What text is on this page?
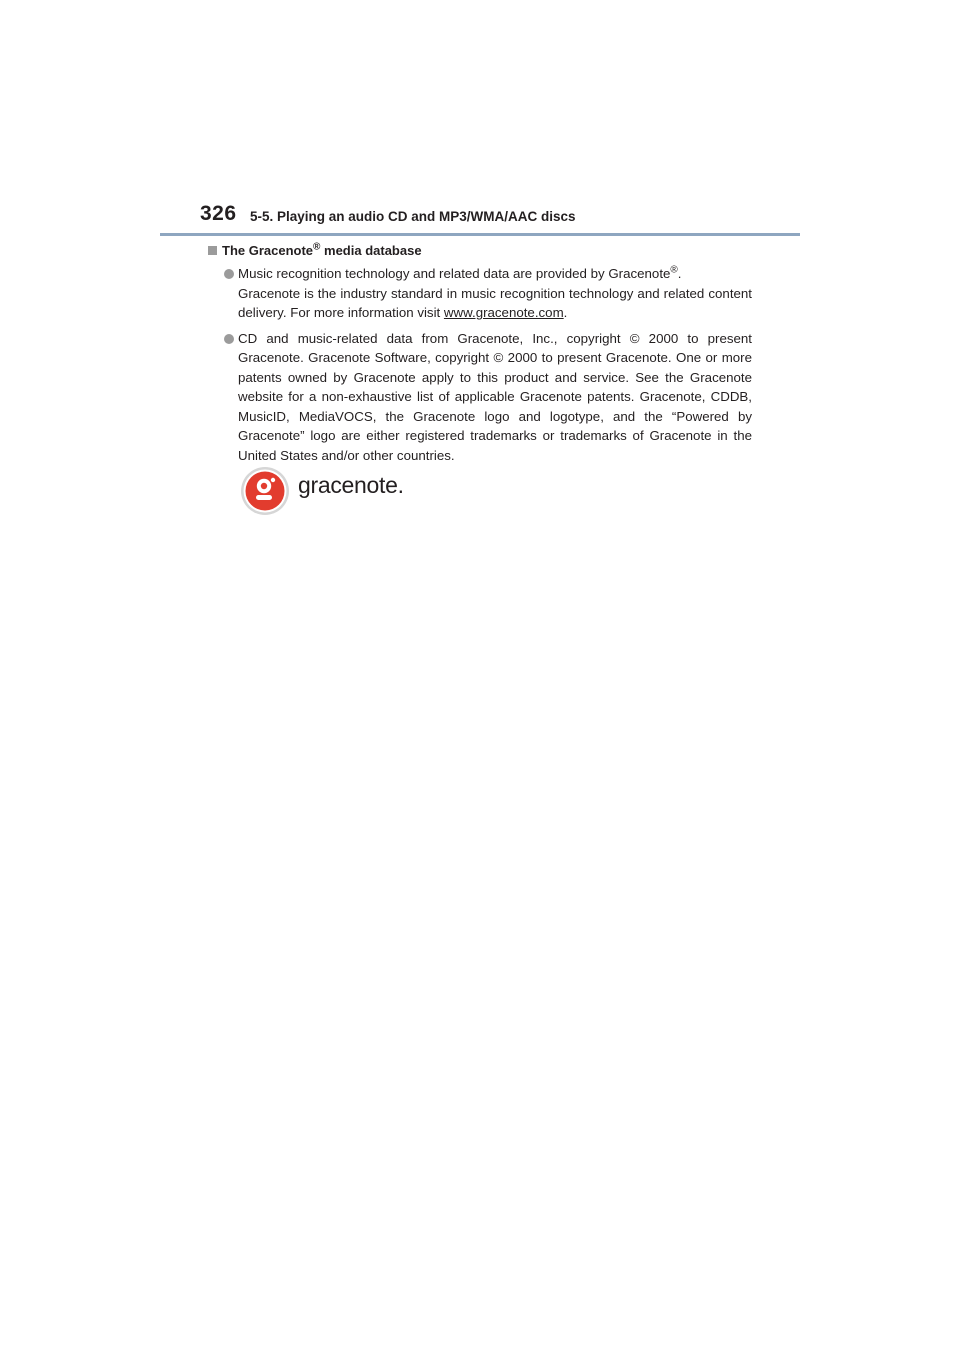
326 5-5. Playing an audio CD and MP3/WMA/AAC discs
The Gracenote® media database

Music recognition technology and related data are provided by Gracenote®.
Gracenote is the industry standard in music recognition technology and related content delivery. For more information visit www.gracenote.com.

CD and music-related data from Gracenote, Inc., copyright © 2000 to present Gracenote. Gracenote Software, copyright © 2000 to present Gracenote. One or more patents owned by Gracenote apply to this product and service. See the Gracenote website for a non-exhaustive list of applicable Gracenote patents. Gracenote, CDDB, MusicID, MediaVOCS, the Gracenote logo and logotype, and the “Powered by Gracenote” logo are either registered trademarks or trademarks of Gracenote in the United States and/or other countries.

gracenote.
